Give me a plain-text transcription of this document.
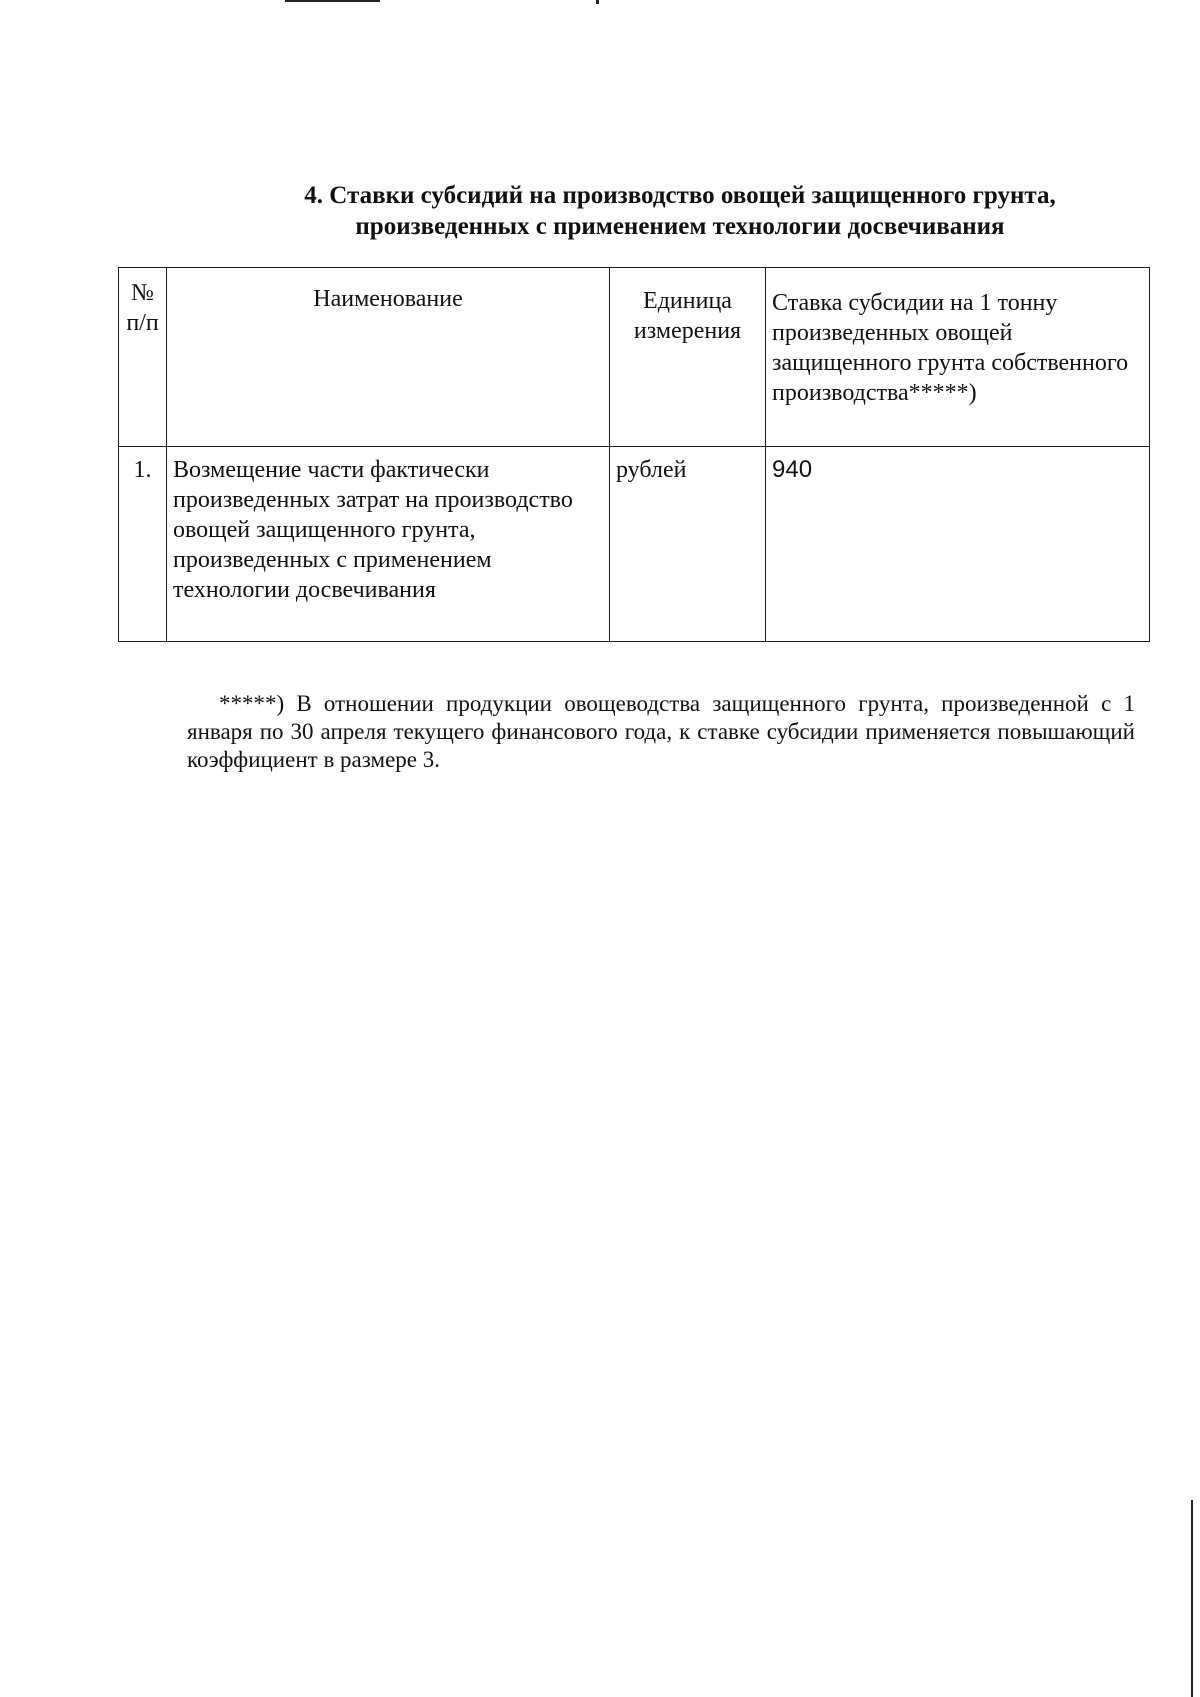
4. Ставки субсидий на производство овощей защищенного грунта,
произведенных с применением технологии досвечивания
№ п/п	Наименование	Единица измерения	Ставка субсидии на 1 тонну произведенных овощей защищенного грунта собственного производства*****)
1.	Возмещение части фактически произведенных затрат на производство овощей защищенного грунта, произведенных с применением технологии досвечивания	рублей	940
*****) В отношении продукции овощеводства защищенного грунта, произведенной с 1 января по 30 апреля текущего финансового года, к ставке субсидии применяется повышающий коэффициент в размере 3.
